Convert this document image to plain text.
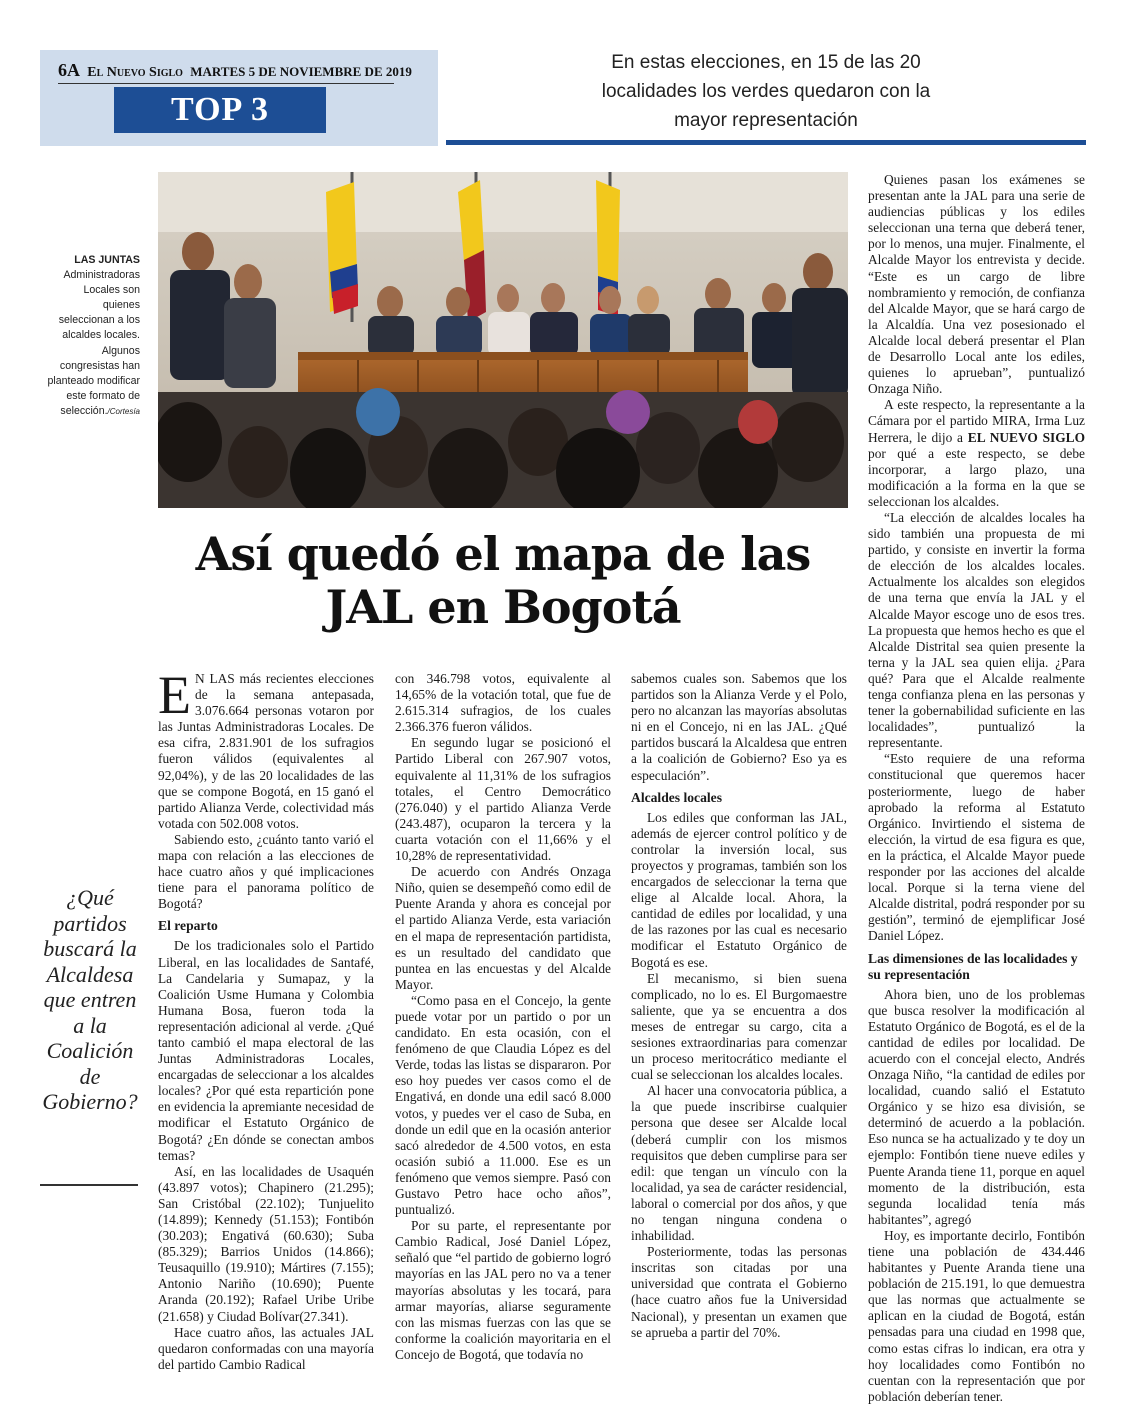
6A El Nuevo Siglo MARTES 5 DE NOVIEMBRE DE 2019
TOP 3
En estas elecciones, en 15 de las 20 localidades los verdes quedaron con la mayor representación
LAS JUNTAS
Administradoras Locales son quienes seleccionan a los alcaldes locales. Algunos congresistas han planteado modificar este formato de selección./Cortesía
Así quedó el mapa de las JAL en Bogotá
¿Qué partidos buscará la Alcaldesa que entren a la Coalición de Gobierno?

E N LAS más recientes elecciones de la semana antepasada, 3.076.664 personas votaron por las Juntas Administradoras Locales. De esa cifra, 2.831.901 de los sufragios fueron válidos (equivalentes al 92,04%), y de las 20 localidades de las que se compone Bogotá, en 15 ganó el partido Alianza Verde, colectividad más votada con 502.008 votos.

Sabiendo esto, ¿cuánto tanto varió el mapa con relación a las elecciones de hace cuatro años y qué implicaciones tiene para el panorama político de Bogotá?

El reparto

De los tradicionales solo el Partido Liberal, en las localidades de Santafé, La Candelaria y Sumapaz, y la Coalición Usme Humana y Colombia Humana Bosa, fueron toda la representación adicional al verde. ¿Qué tanto cambió el mapa electoral de las Juntas Administradoras Locales, encargadas de seleccionar a los alcaldes locales? ¿Por qué esta repartición pone en evidencia la apremiante necesidad de modificar el Estatuto Orgánico de Bogotá? ¿En dónde se conectan ambos temas?

Así, en las localidades de Usaquén (43.897 votos); Chapinero (21.295); San Cristóbal (22.102); Tunjuelito (14.899); Kennedy (51.153); Fontibón (30.203); Engativá (60.630); Suba (85.329); Barrios Unidos (14.866); Teusaquillo (19.910); Mártires (7.155); Antonio Nariño (10.690); Puente Aranda (20.192); Rafael Uribe Uribe (21.658) y Ciudad Bolívar(27.341).

Hace cuatro años, las actuales JAL quedaron conformadas con una mayoría del partido Cambio Radical

con 346.798 votos, equivalente al 14,65% de la votación total, que fue de 2.615.314 sufragios, de los cuales 2.366.376 fueron válidos.

En segundo lugar se posicionó el Partido Liberal con 267.907 votos, equivalente al 11,31% de los sufragios totales, el Centro Democrático (276.040) y el partido Alianza Verde (243.487), ocuparon la tercera y la cuarta votación con el 11,66% y el 10,28% de representatividad.

De acuerdo con Andrés Onzaga Niño, quien se desempeñó como edil de Puente Aranda y ahora es concejal por el partido Alianza Verde, esta variación en el mapa de representación partidista, es un resultado del candidato que puntea en las encuestas y del Alcalde Mayor.

“Como pasa en el Concejo, la gente puede votar por un partido o por un candidato. En esta ocasión, con el fenómeno de que Claudia López es del Verde, todas las listas se dispararon. Por eso hoy puedes ver casos como el de Engativá, en donde una edil sacó 8.000 votos, y puedes ver el caso de Suba, en donde un edil que en la ocasión anterior sacó alrededor de 4.500 votos, en esta ocasión subió a 11.000. Ese es un fenómeno que vemos siempre. Pasó con Gustavo Petro hace ocho años”, puntualizó.

Por su parte, el representante por Cambio Radical, José Daniel López, señaló que “el partido de gobierno logró mayorías en las JAL pero no va a tener mayorías absolutas y les tocará, para armar mayorías, aliarse seguramente con las mismas fuerzas con las que se conforme la coalición mayoritaria en el Concejo de Bogotá, que todavía no

sabemos cuales son. Sabemos que los partidos son la Alianza Verde y el Polo, pero no alcanzan las mayorías absolutas ni en el Concejo, ni en las JAL. ¿Qué partidos buscará la Alcaldesa que entren a la coalición de Gobierno? Eso ya es especulación”.

Alcaldes locales

Los ediles que conforman las JAL, además de ejercer control político y de controlar la inversión local, sus proyectos y programas, también son los encargados de seleccionar la terna que elige al Alcalde local. Ahora, la cantidad de ediles por localidad, y una de las razones por las cual es necesario modificar el Estatuto Orgánico de Bogotá es ese.

El mecanismo, si bien suena complicado, no lo es. El Burgomaestre saliente, que ya se encuentra a dos meses de entregar su cargo, cita a sesiones extraordinarias para comenzar un proceso meritocrático mediante el cual se seleccionan los alcaldes locales.

Al hacer una convocatoria pública, a la que puede inscribirse cualquier persona que desee ser Alcalde local (deberá cumplir con los mismos requisitos que deben cumplirse para ser edil: que tengan un vínculo con la localidad, ya sea de carácter residencial, laboral o comercial por dos años, y que no tengan ninguna condena o inhabilidad.

Posteriormente, todas las personas inscritas son citadas por una universidad que contrata el Gobierno (hace cuatro años fue la Universidad Nacional), y presentan un examen que se aprueba a partir del 70%.

Quienes pasan los exámenes se presentan ante la JAL para una serie de audiencias públicas y los ediles seleccionan una terna que deberá tener, por lo menos, una mujer. Finalmente, el Alcalde Mayor los entrevista y decide. “Este es un cargo de libre nombramiento y remoción, de confianza del Alcalde Mayor, que se hará cargo de la Alcaldía. Una vez posesionado el Alcalde local deberá presentar el Plan de Desarrollo Local ante los ediles, quienes lo aprueban”, puntualizó Onzaga Niño.

A este respecto, la representante a la Cámara por el partido MIRA, Irma Luz Herrera, le dijo a EL NUEVO SIGLO por qué a este respecto, se debe incorporar, a largo plazo, una modificación a la forma en la que se seleccionan los alcaldes.

“La elección de alcaldes locales ha sido también una propuesta de mi partido, y consiste en invertir la forma de elección de los alcaldes locales. Actualmente los alcaldes son elegidos de una terna que envía la JAL y el Alcalde Mayor escoge uno de esos tres. La propuesta que hemos hecho es que el Alcalde Distrital sea quien presente la terna y la JAL sea quien elija. ¿Para qué? Para que el Alcalde realmente tenga confianza plena en las personas y tener la gobernabilidad suficiente en las localidades”, puntualizó la representante.

“Esto requiere de una reforma constitucional que queremos hacer posteriormente, luego de haber aprobado la reforma al Estatuto Orgánico. Invirtiendo el sistema de elección, la virtud de esa figura es que, en la práctica, el Alcalde Mayor puede responder por las acciones del alcalde local. Porque si la terna viene del Alcalde distrital, podrá responder por su gestión”, terminó de ejemplificar José Daniel López.

Las dimensiones de las localidades y su representación

Ahora bien, uno de los problemas que busca resolver la modificación al Estatuto Orgánico de Bogotá, es el de la cantidad de ediles por localidad. De acuerdo con el concejal electo, Andrés Onzaga Niño, “la cantidad de ediles por localidad, cuando salió el Estatuto Orgánico y se hizo esa división, se determinó de acuerdo a la población. Eso nunca se ha actualizado y te doy un ejemplo: Fontibón tiene nueve ediles y Puente Aranda tiene 11, porque en aquel momento de la distribución, esta segunda localidad tenía más habitantes”, agregó

Hoy, es importante decirlo, Fontibón tiene una población de 434.446 habitantes y Puente Aranda tiene una población de 215.191, lo que demuestra que las normas que actualmente se aplican en la ciudad de Bogotá, están pensadas para una ciudad en 1998 que, como estas cifras lo indican, era otra y hoy localidades como Fontibón no cuentan con la representación que por población deberían tener.
